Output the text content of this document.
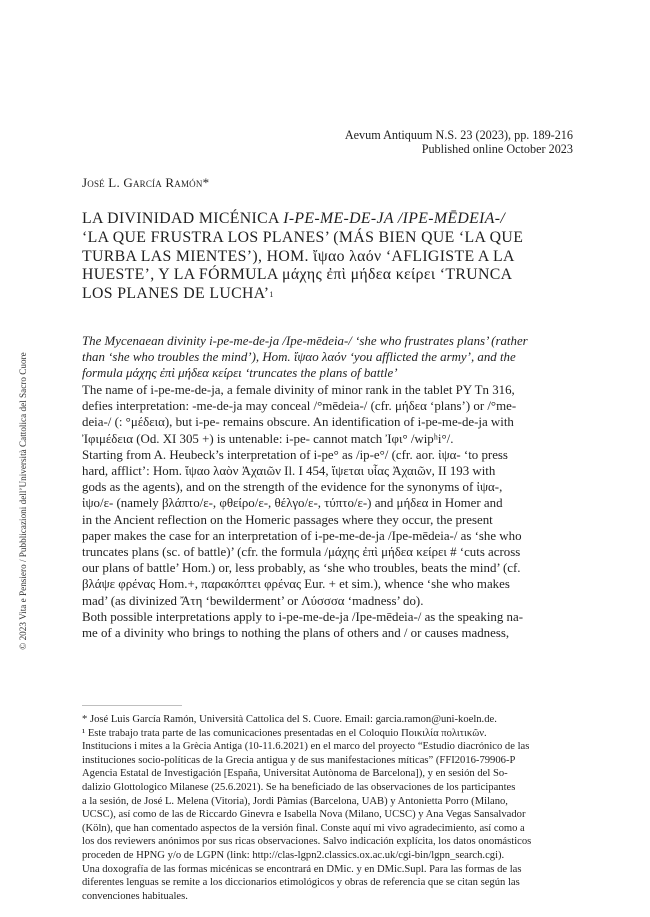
Aevum Antiquum N.S. 23 (2023), pp. 189-216
Published online October 2023
José L. García Ramón*
LA DIVINIDAD MICÉNICA I-PE-ME-DE-JA /IPE-MĒDEIA-/
‘LA QUE FRUSTRA LOS PLANES’ (MÁS BIEN QUE ‘LA QUE
TURBA LAS MIENTES’), HOM. ἴψαο λαόν ‘AFLIGISTE A LA
HUESTE’, Y LA FÓRMULA μάχης ἐπὶ μήδεα κείρει ‘TRUNCA
LOS PLANES DE LUCHA’$^1$
The Mycenaean divinity i-pe-me-de-ja /Ipe-mēdeia-/ ‘she who frustrates plans’ (rather
than ‘she who troubles the mind’), Hom. ἴψαο λαόν ‘you afflicted the army’, and the
formula μάχης ἐπὶ μήδεα κείρει ‘truncates the plans of battle’
The name of i-pe-me-de-ja, a female divinity of minor rank in the tablet PY Tn 316,
defies interpretation: -me-de-ja may conceal /°mēdeia-/ (cfr. μήδεα ‘plans’) or /°me-
deia-/ (: °μέδεια), but i-pe- remains obscure. An identification of i-pe-me-de-ja with
Ἰφιμέδεια (Od. XI 305 +) is untenable: i-pe- cannot match Ἰφι° /wipʰi°/.
Starting from A. Heubeck’s interpretation of i-pe° as /ip-e°/ (cfr. aor. ἰψα- ‘to press
hard, afflict’: Hom. ἴψαο λαὸν Ἀχαιῶν Il. I 454, ἴψεται υἷας Ἀχαιῶν, II 193 with
gods as the agents), and on the strength of the evidence for the synonyms of ἰψα-,
ἰψο/ε- (namely βλάπτο/ε-, φθείρο/ε-, θέλγο/ε-, τύπτο/ε-) and μήδεα in Homer and
in the Ancient reflection on the Homeric passages where they occur, the present
paper makes the case for an interpretation of i-pe-me-de-ja /Ipe-mēdeia-/ as ‘she who
truncates plans (sc. of battle)’ (cfr. the formula /μάχης ἐπὶ μήδεα κείρει # ‘cuts across
our plans of battle’ Hom.) or, less probably, as ‘she who troubles, beats the mind’ (cf.
βλάψε φρένας Hom.+, παρακόπτει φρένας Eur. + et sim.), whence ‘she who makes
mad’ (as divinized Ἄτη ‘bewilderment’ or Λύσσσα ‘madness’ do).
Both possible interpretations apply to i-pe-me-de-ja /Ipe-mēdeia-/ as the speaking na-
me of a divinity who brings to nothing the plans of others and / or causes madness,
* José Luis García Ramón, Università Cattolica del S. Cuore. Email: garcia.ramon@uni-koeln.de.
¹ Este trabajo trata parte de las comunicaciones presentadas en el Coloquio Ποικιλία πολιτικῶν.
Institucions i mites a la Grècia Antiga (10-11.6.2021) en el marco del proyecto “Estudio diacrónico de las
instituciones socio-políticas de la Grecia antigua y de sus manifestaciones míticas” (FFI2016-79906-P
Agencia Estatal de Investigación [España, Universitat Autònoma de Barcelona]), y en sesión del So-
dalizio Glottologico Milanese (25.6.2021). Se ha beneficiado de las observaciones de los participantes
a la sesión, de José L. Melena (Vitoria), Jordi Pàmias (Barcelona, UAB) y Antonietta Porro (Milano,
UCSC), así como de las de Riccardo Ginevra e Isabella Nova (Milano, UCSC) y Ana Vegas Sansalvador
(Köln), que han comentado aspectos de la versión final. Conste aquí mi vivo agradecimiento, así como a
los dos reviewers anónimos por sus ricas observaciones. Salvo indicación explícita, los datos onomásticos
proceden de HPNG y/o de LGPN (link: http://clas-lgpn2.classics.ox.ac.uk/cgi-bin/lgpn_search.cgi).
Una doxografía de las formas micénicas se encontrará en DMic. y en DMic.Supl. Para las formas de las
diferentes lenguas se remite a los diccionarios etimológicos y obras de referencia que se citan según las
convenciones habituales.
© 2023 Vita e Pensiero / Pubblicazioni dell’Università Cattolica del Sacro Cuore
